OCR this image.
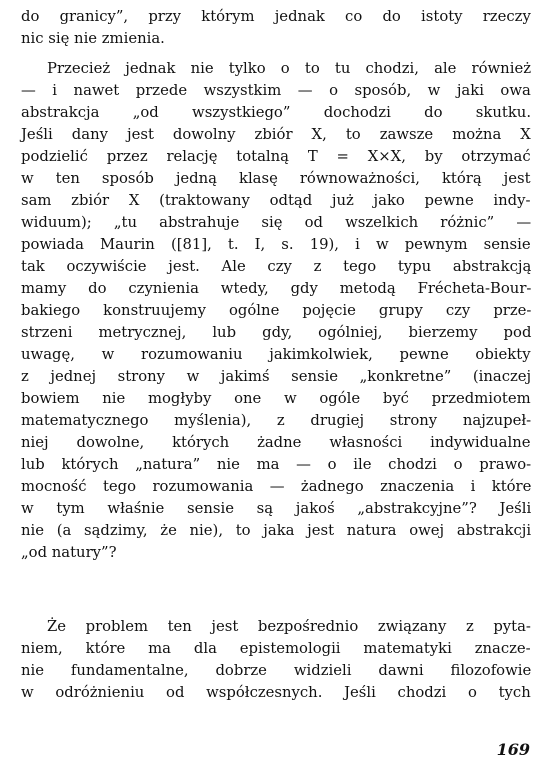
do granicy”, przy którym jednak co do istoty rzeczy
nic się nie zmienia.
Przecież jednak nie tylko o to tu chodzi, ale również
— i nawet przede wszystkim — o sposób, w jaki owa
abstrakcja „od wszystkiego” dochodzi do skutku.
Jeśli dany jest dowolny zbiór X, to zawsze można X
podzielić przez relację totalną T = X×X, by otrzymać
w ten sposób jedną klasę równoważności, którą jest
sam zbiór X (traktowany odtąd już jako pewne indy-
widuum); „tu abstrahuje się od wszelkich różnic” —
powiada Maurin ([81], t. I, s. 19), i w pewnym sensie
tak oczywiście jest. Ale czy z tego typu abstrakcją
mamy do czynienia wtedy, gdy metodą Frécheta-Bour-
bakiego konstruujemy ogólne pojęcie grupy czy prze-
strzeni metrycznej, lub gdy, ogólniej, bierzemy pod
uwagę, w rozumowaniu jakimkolwiek, pewne obiekty
z jednej strony w jakimś sensie „konkretne” (inaczej
bowiem nie mogłyby one w ogóle być przedmiotem
matematycznego myślenia), z drugiej strony najzupeł-
niej dowolne, których żadne własności indywidualne
lub których „natura” nie ma — o ile chodzi o prawo-
mocność tego rozumowania — żadnego znaczenia i które
w tym właśnie sensie są jakoś „abstrakcyjne”? Jeśli
nie (a sądzimy, że nie), to jaka jest natura owej abstrakcji
„od natury”?
Że problem ten jest bezpośrednio związany z pyta-
niem, które ma dla epistemologii matematyki znacze-
nie fundamentalne, dobrze widzieli dawni filozofowie
w odróżnieniu od współczesnych. Jeśli chodzi o tych
169
